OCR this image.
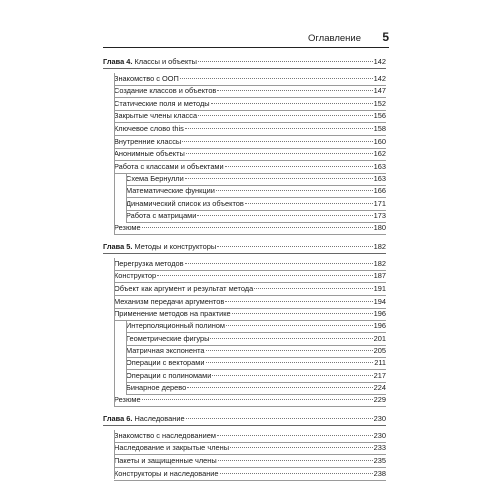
Оглавление 5
Глава 4. Классы и объекты	142
Знакомство с ООП	142
Создание классов и объектов	147
Статические поля и методы	152
Закрытые члены класса	156
Ключевое слово this	158
Внутренние классы	160
Анонимные объекты	162
Работа с классами и объектами	163
Схема Бернулли	163
Математические функции	166
Динамический список из объектов	171
Работа с матрицами	173
Резюме	180
Глава 5. Методы и конструкторы	182
Перегрузка методов	182
Конструктор	187
Объект как аргумент и результат метода	191
Механизм передачи аргументов	194
Применение методов на практике	196
Интерполяционный полином	196
Геометрические фигуры	201
Матричная экспонента	205
Операции с векторами	211
Операции с полиномами	217
Бинарное дерево	224
Резюме	229
Глава 6. Наследование	230
Знакомство с наследованием	230
Наследование и закрытые члены	233
Пакеты и защищенные члены	235
Конструкторы и наследование	238
